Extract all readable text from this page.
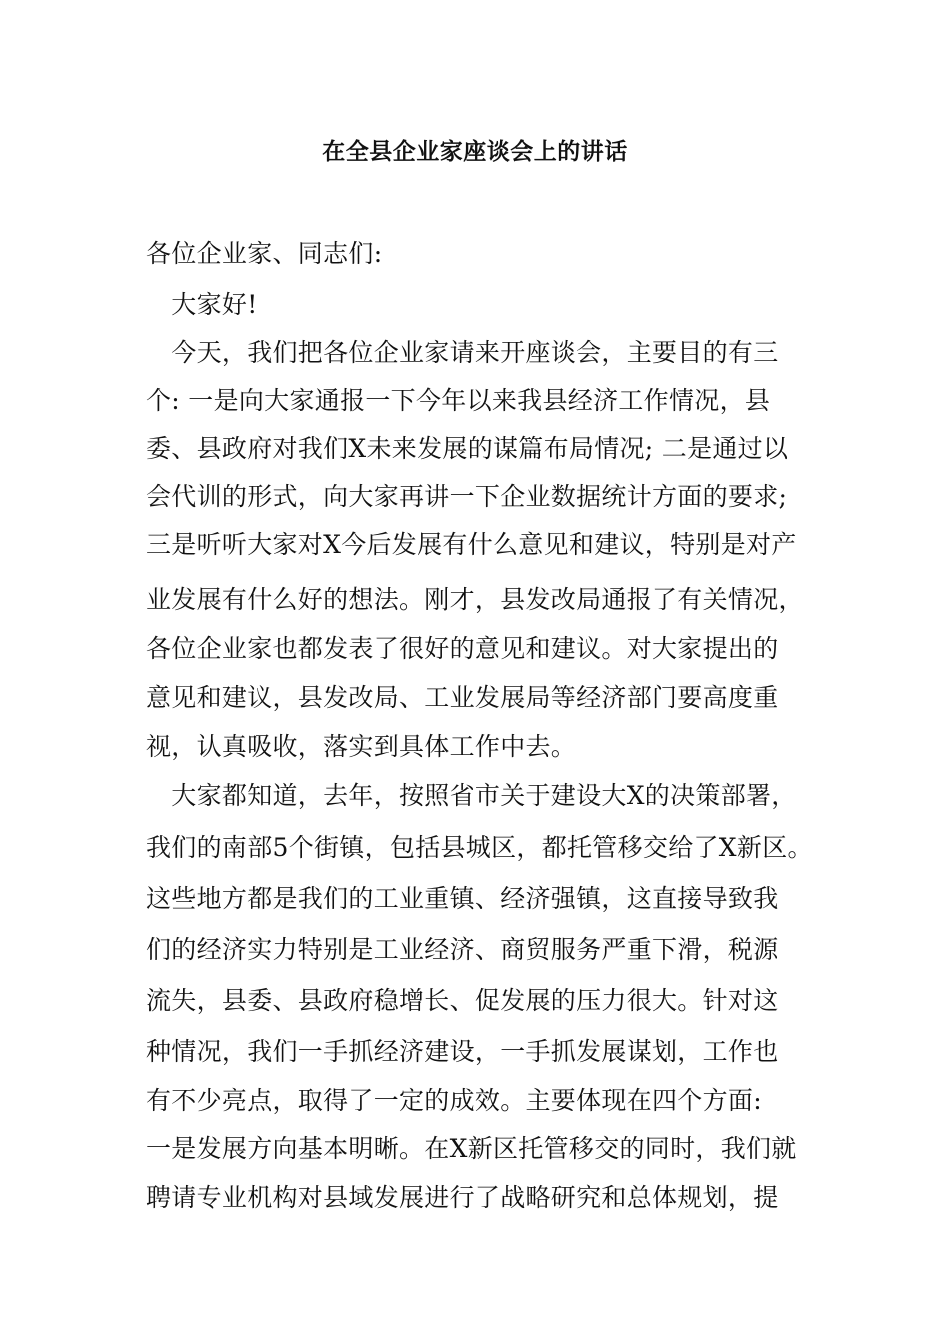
在全县企业家座谈会上的讲话
各位企业家、同志们:
　大家好!
　今天，我们把各位企业家请来开座谈会，主要目的有三
个: 一是向大家通报一下今年以来我县经济工作情况，县
委、县政府对我们X未来发展的谋篇布局情况; 二是通过以
会代训的形式，向大家再讲一下企业数据统计方面的要求;
三是听听大家对X今后发展有什么意见和建议，特别是对产
业发展有什么好的想法。刚才，县发改局通报了有关情况，
各位企业家也都发表了很好的意见和建议。对大家提出的
意见和建议，县发改局、工业发展局等经济部门要高度重
视，认真吸收，落实到具体工作中去。
　大家都知道，去年，按照省市关于建设大X的决策部署，
我们的南部5个街镇，包括县城区，都托管移交给了X新区。
这些地方都是我们的工业重镇、经济强镇，这直接导致我
们的经济实力特别是工业经济、商贸服务严重下滑，税源
流失，县委、县政府稳增长、促发展的压力很大。针对这
种情况，我们一手抓经济建设，一手抓发展谋划，工作也
有不少亮点，取得了一定的成效。主要体现在四个方面:
一是发展方向基本明晰。在X新区托管移交的同时，我们就
聘请专业机构对县域发展进行了战略研究和总体规划，提
